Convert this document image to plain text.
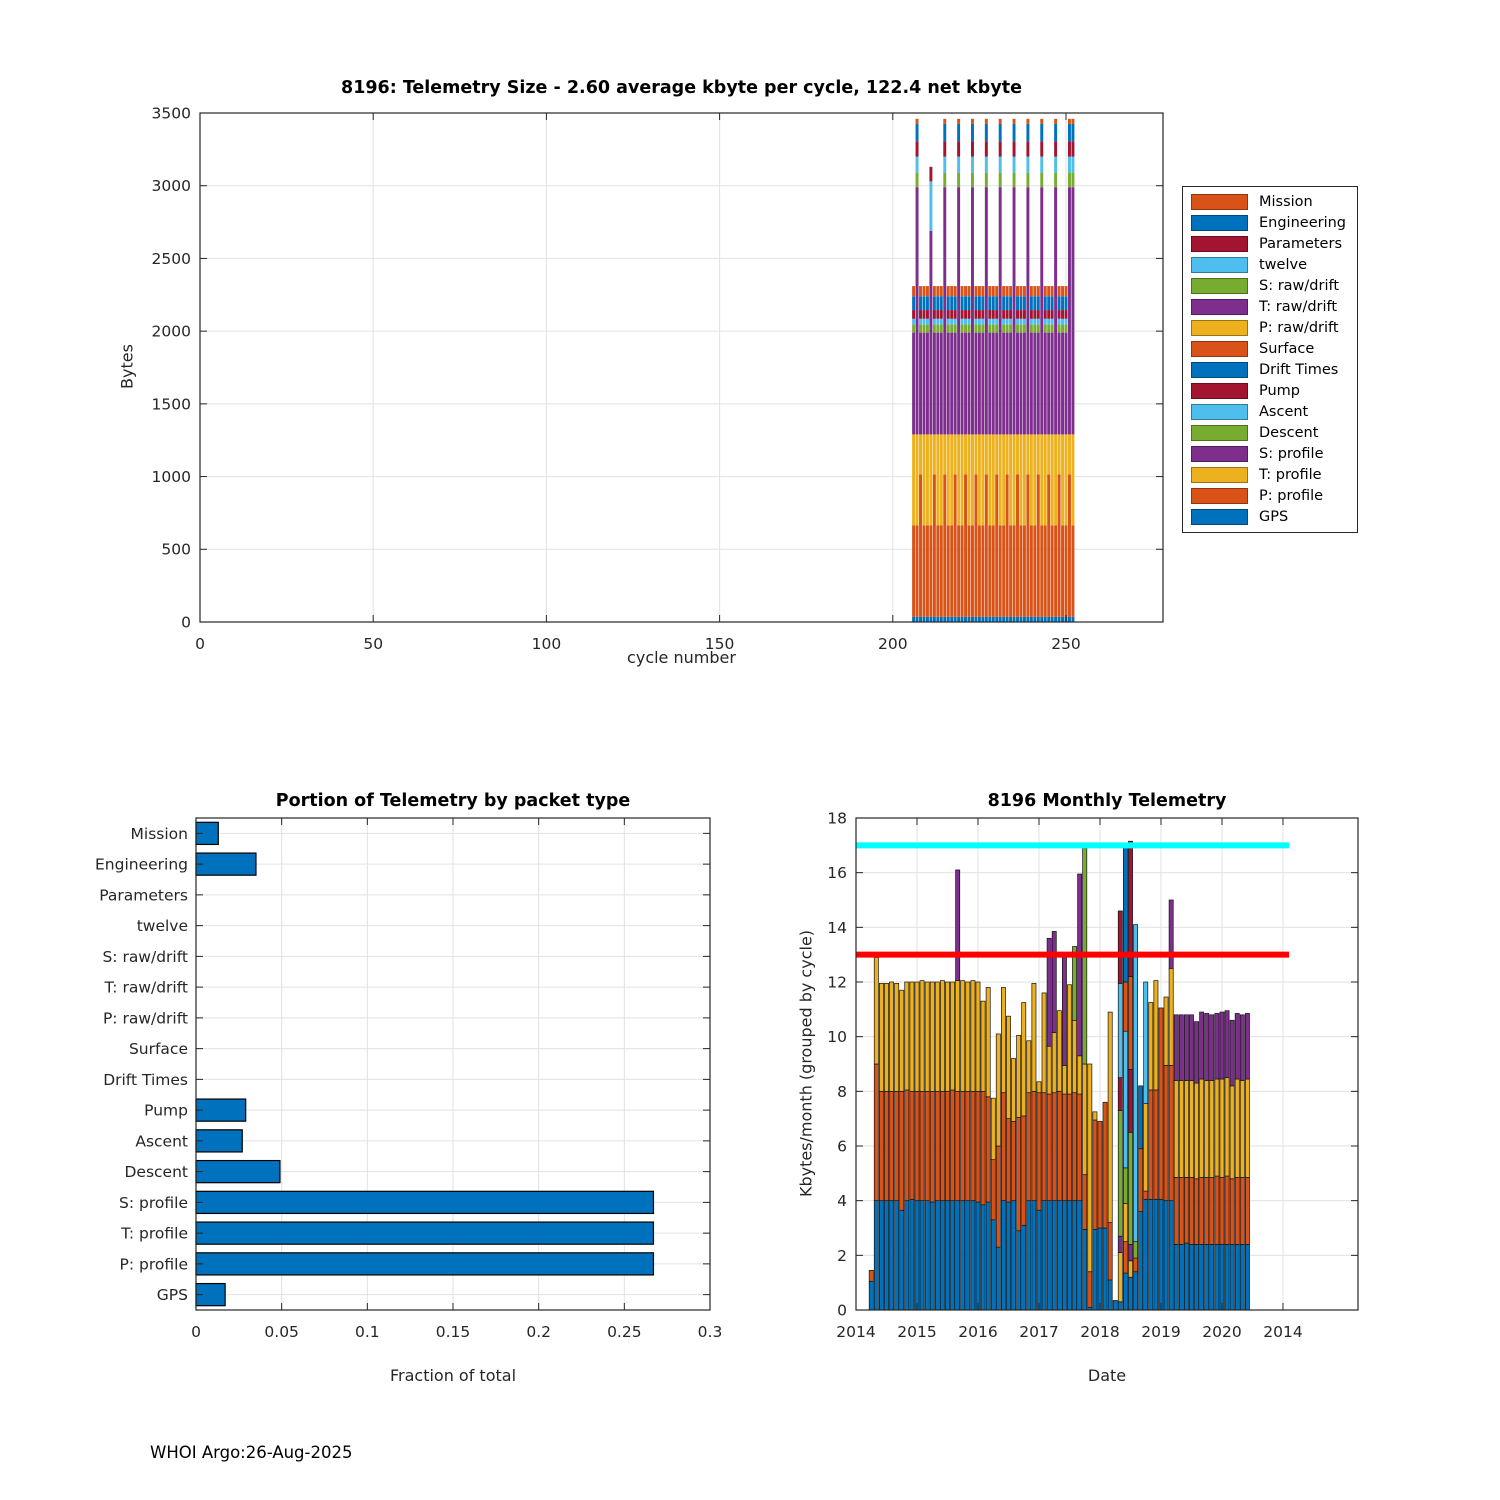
0	50	100	150	200	250
0
500
1000
1500
2000
2500
3000
3500
0	0.05	0.1	0.15	0.2	0.25	0.3
Mission
Engineering
Parameters
twelve
S: raw/drift
T: raw/drift
P: raw/drift
Surface
Drift Times
Pump
Ascent
Descent
S: profile
T: profile
P: profile
GPS
2014 2015 2016 2017 2018 2019 2020 2014
0
2
4
6
8
10
12
14
16
18
8196: Telemetry Size - 2.60 average kbyte per cycle, 122.4 net kbyte
cycle number
Bytes
Portion of Telemetry by packet type
Fraction of total
8196 Monthly Telemetry
Date
Kbytes/month (grouped by cycle)
Mission
Engineering
Parameters
twelve
S: raw/drift
T: raw/drift
P: raw/drift
Surface
Drift Times
Pump
Ascent
Descent
S: profile
T: profile
P: profile
GPS
WHOI Argo:26-Aug-2025
